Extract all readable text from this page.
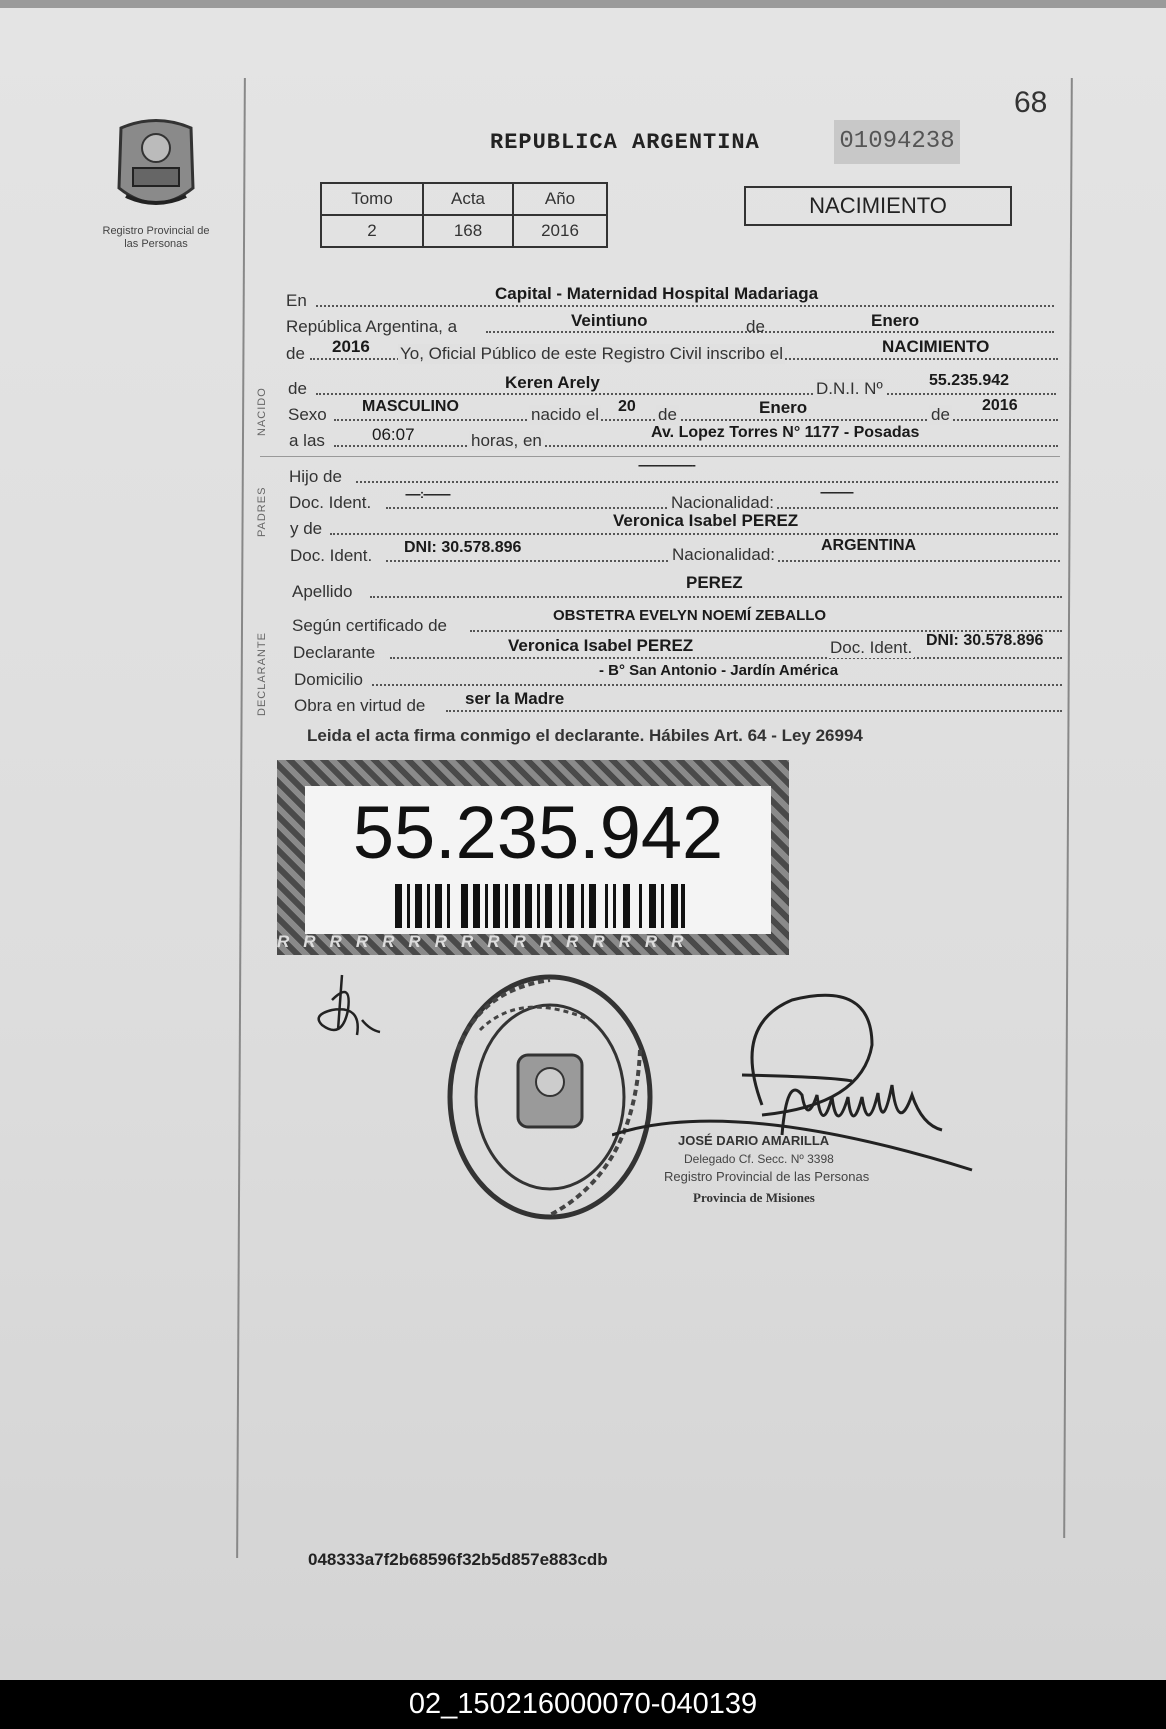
68
Registro Provincial de las Personas
REPUBLICA ARGENTINA	01094238
Tomo	Acta	Año
2	168	2016
NACIMIENTO
NACIDO
PADRES
DECLARANTE
En	Capital - Maternidad Hospital Madariaga
República Argentina, a	Veintiuno	de	Enero
de 2016 Yo, Oficial Público de este Registro Civil inscribo el	NACIMIENTO
de	Keren Arely	D.N.I. Nº	55.235.942
Sexo MASCULINO	nacido el 20 de	Enero	de 2016
a las	06:07	horas, en	Av. Lopez Torres N° 1177 - Posadas
Hijo de
-------------------
Doc. Ident.	-----:---------	Nacionalidad:
-----------
y de	Veronica Isabel PEREZ
Doc. Ident. DNI: 30.578.896	Nacionalidad:	ARGENTINA
Apellido	PEREZ
Según certificado de
OBSTETRA EVELYN NOEMÍ ZEBALLO
Declarante	Veronica Isabel PEREZ	Doc. Ident. DNI: 30.578.896
Domicilio	- B° San Antonio - Jardín América
Obra en virtud de ser la Madre
Leida el acta firma conmigo el declarante. Hábiles Art. 64 - Ley 26994
55.235.942
RRRRRRRRRRRRRRRR
JOSÉ DARIO AMARILLA
Delegado Cf. Secc. Nº 3398
Registro Provincial de las Personas
Provincia de Misiones
048333a7f2b68596f32b5d857e883cdb
02_150216000070-040139
